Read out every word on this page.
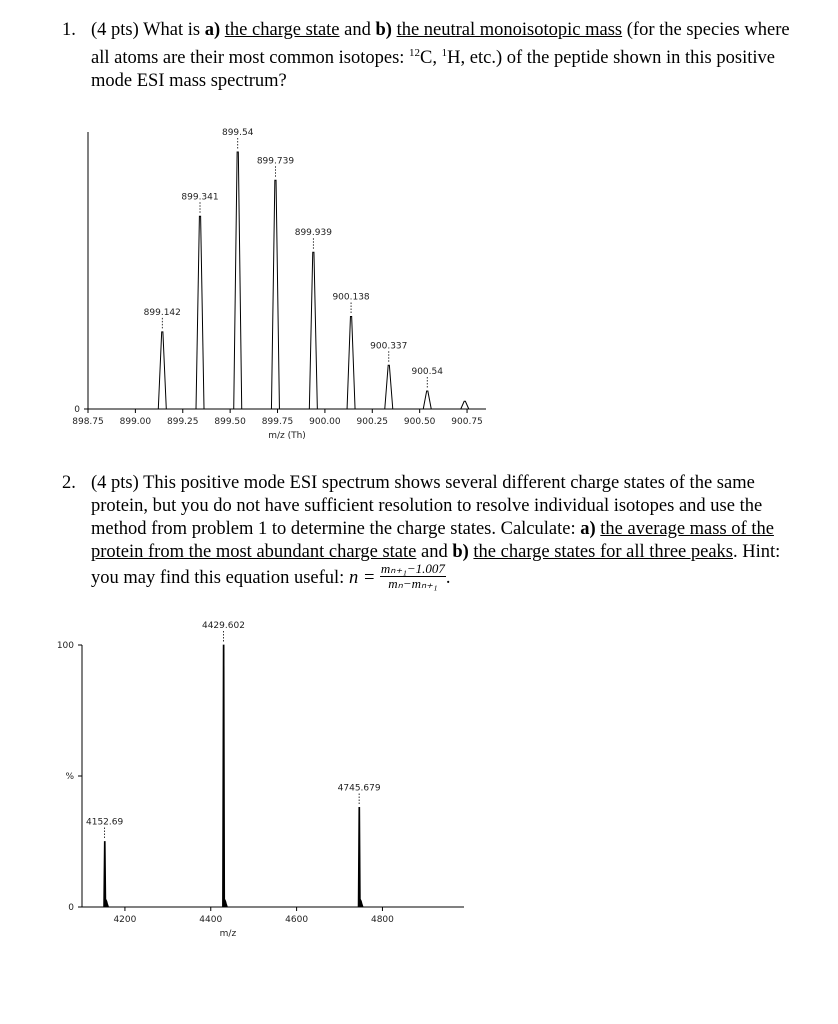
1. (4 pts) What is a) the charge state and b) the neutral monoisotopic mass (for the species where all atoms are their most common isotopes: $^{12}$C, $^1$H, etc.) of the peptide shown in this positive mode ESI mass spectrum?
0
898.75 899.00 899.25 899.50 899.75 900.00 900.25 900.50 900.75
m/z (Th)
899.142
899.341
899.54
899.739
899.939
900.138
900.337
900.54
2. (4 pts) This positive mode ESI spectrum shows several different charge states of the same protein, but you do not have sufficient resolution to resolve individual isotopes and use the method from problem 1 to determine the charge states. Calculate: a) the average mass of the protein from the most abundant charge state and b) the charge states for all three peaks. Hint: you may find this equation useful: $n = \frac{\text{mₙ₊₁−1.007}}{\text{mₙ−mₙ₊₁}}$ .
0
%
100
4200	4400	4600	4800
m/z
4152.69
4429.602
4745.679
